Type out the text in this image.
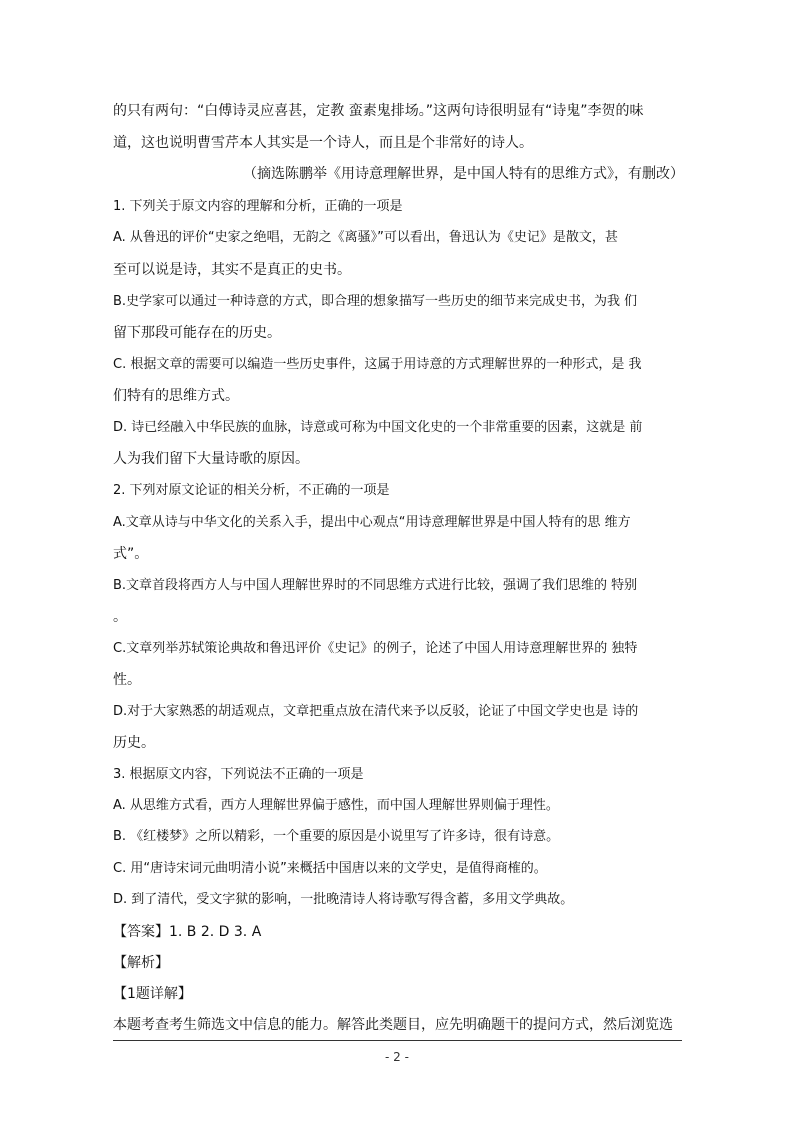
的只有两句：“白傅诗灵应喜甚，定教 蛮素鬼排场。”这两句诗很明显有“诗鬼”李贺的味
道，这也说明曹雪芹本人其实是一个诗人，而且是个非常好的诗人。
（摘选陈鹏举《用诗意理解世界，是中国人特有的思维方式》，有删改）
1. 下列关于原文内容的理解和分析，正确的一项是
A. 从鲁迅的评价“史家之绝唱，无韵之《离骚》”可以看出，鲁迅认为《史记》是散文，甚
至可以说是诗，其实不是真正的史书。
B.史学家可以通过一种诗意的方式，即合理的想象描写一些历史的细节来完成史书，为我 们
留下那段可能存在的历史。
C. 根据文章的需要可以编造一些历史事件，这属于用诗意的方式理解世界的一种形式，是 我
们特有的思维方式。
D. 诗已经融入中华民族的血脉，诗意或可称为中国文化史的一个非常重要的因素，这就是 前
人为我们留下大量诗歌的原因。
2. 下列对原文论证的相关分析，不正确的一项是
A.文章从诗与中华文化的关系入手，提出中心观点“用诗意理解世界是中国人特有的思 维方
式”。
B.文章首段将西方人与中国人理解世界时的不同思维方式进行比较，强调了我们思维的 特别
。
C.文章列举苏轼策论典故和鲁迅评价《史记》的例子，论述了中国人用诗意理解世界的 独特
性。
D.对于大家熟悉的胡适观点，文章把重点放在清代来予以反驳，论证了中国文学史也是 诗的
历史。
3. 根据原文内容，下列说法不正确的一项是
A. 从思维方式看，西方人理解世界偏于感性，而中国人理解世界则偏于理性。
B. 《红楼梦》之所以精彩，一个重要的原因是小说里写了许多诗，很有诗意。
C. 用“唐诗宋词元曲明清小说”来概括中国唐以来的文学史，是值得商榷的。
D. 到了清代，受文字狱的影响，一批晚清诗人将诗歌写得含蓄，多用文学典故。
【答案】1. B 2. D 3. A
【解析】
【1题详解】
本题考查考生筛选文中信息的能力。解答此类题目，应先明确题干的提问方式，然后浏览选
- 2 -
